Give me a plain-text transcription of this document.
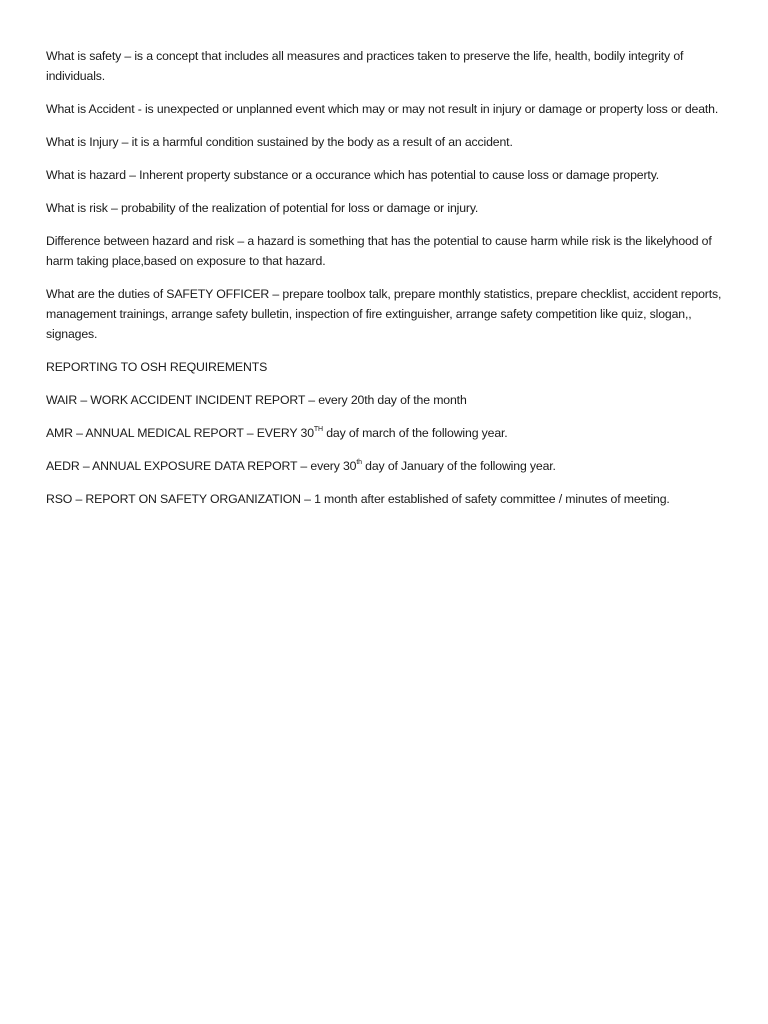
What is safety – is a concept that includes all measures and practices taken to preserve the life, health, bodily integrity of individuals.

What is Accident - is unexpected or unplanned event which may or may not result in injury or damage or property loss or death.

What is Injury – it is a harmful condition sustained by the body as a result of an accident.

What is hazard – Inherent property substance or a occurance which has potential to cause loss or damage property.

What is risk – probability of the realization of potential for loss or damage or injury.

Difference between hazard and risk – a hazard is something that has the potential to cause harm while risk is the likelyhood of harm taking place,based on exposure to that hazard.

What are the duties of SAFETY OFFICER – prepare toolbox talk, prepare monthly statistics, prepare checklist, accident reports, management trainings, arrange safety bulletin, inspection of fire extinguisher, arrange safety competition like quiz, slogan,, signages.

REPORTING TO OSH REQUIREMENTS

WAIR – WORK ACCIDENT INCIDENT REPORT – every 20th day of the month

AMR – ANNUAL MEDICAL REPORT – EVERY 30TH day of march of the following year.

AEDR – ANNUAL EXPOSURE DATA REPORT – every 30th day of January of the following year.

RSO – REPORT ON SAFETY ORGANIZATION – 1 month after established of safety committee / minutes of meeting.
